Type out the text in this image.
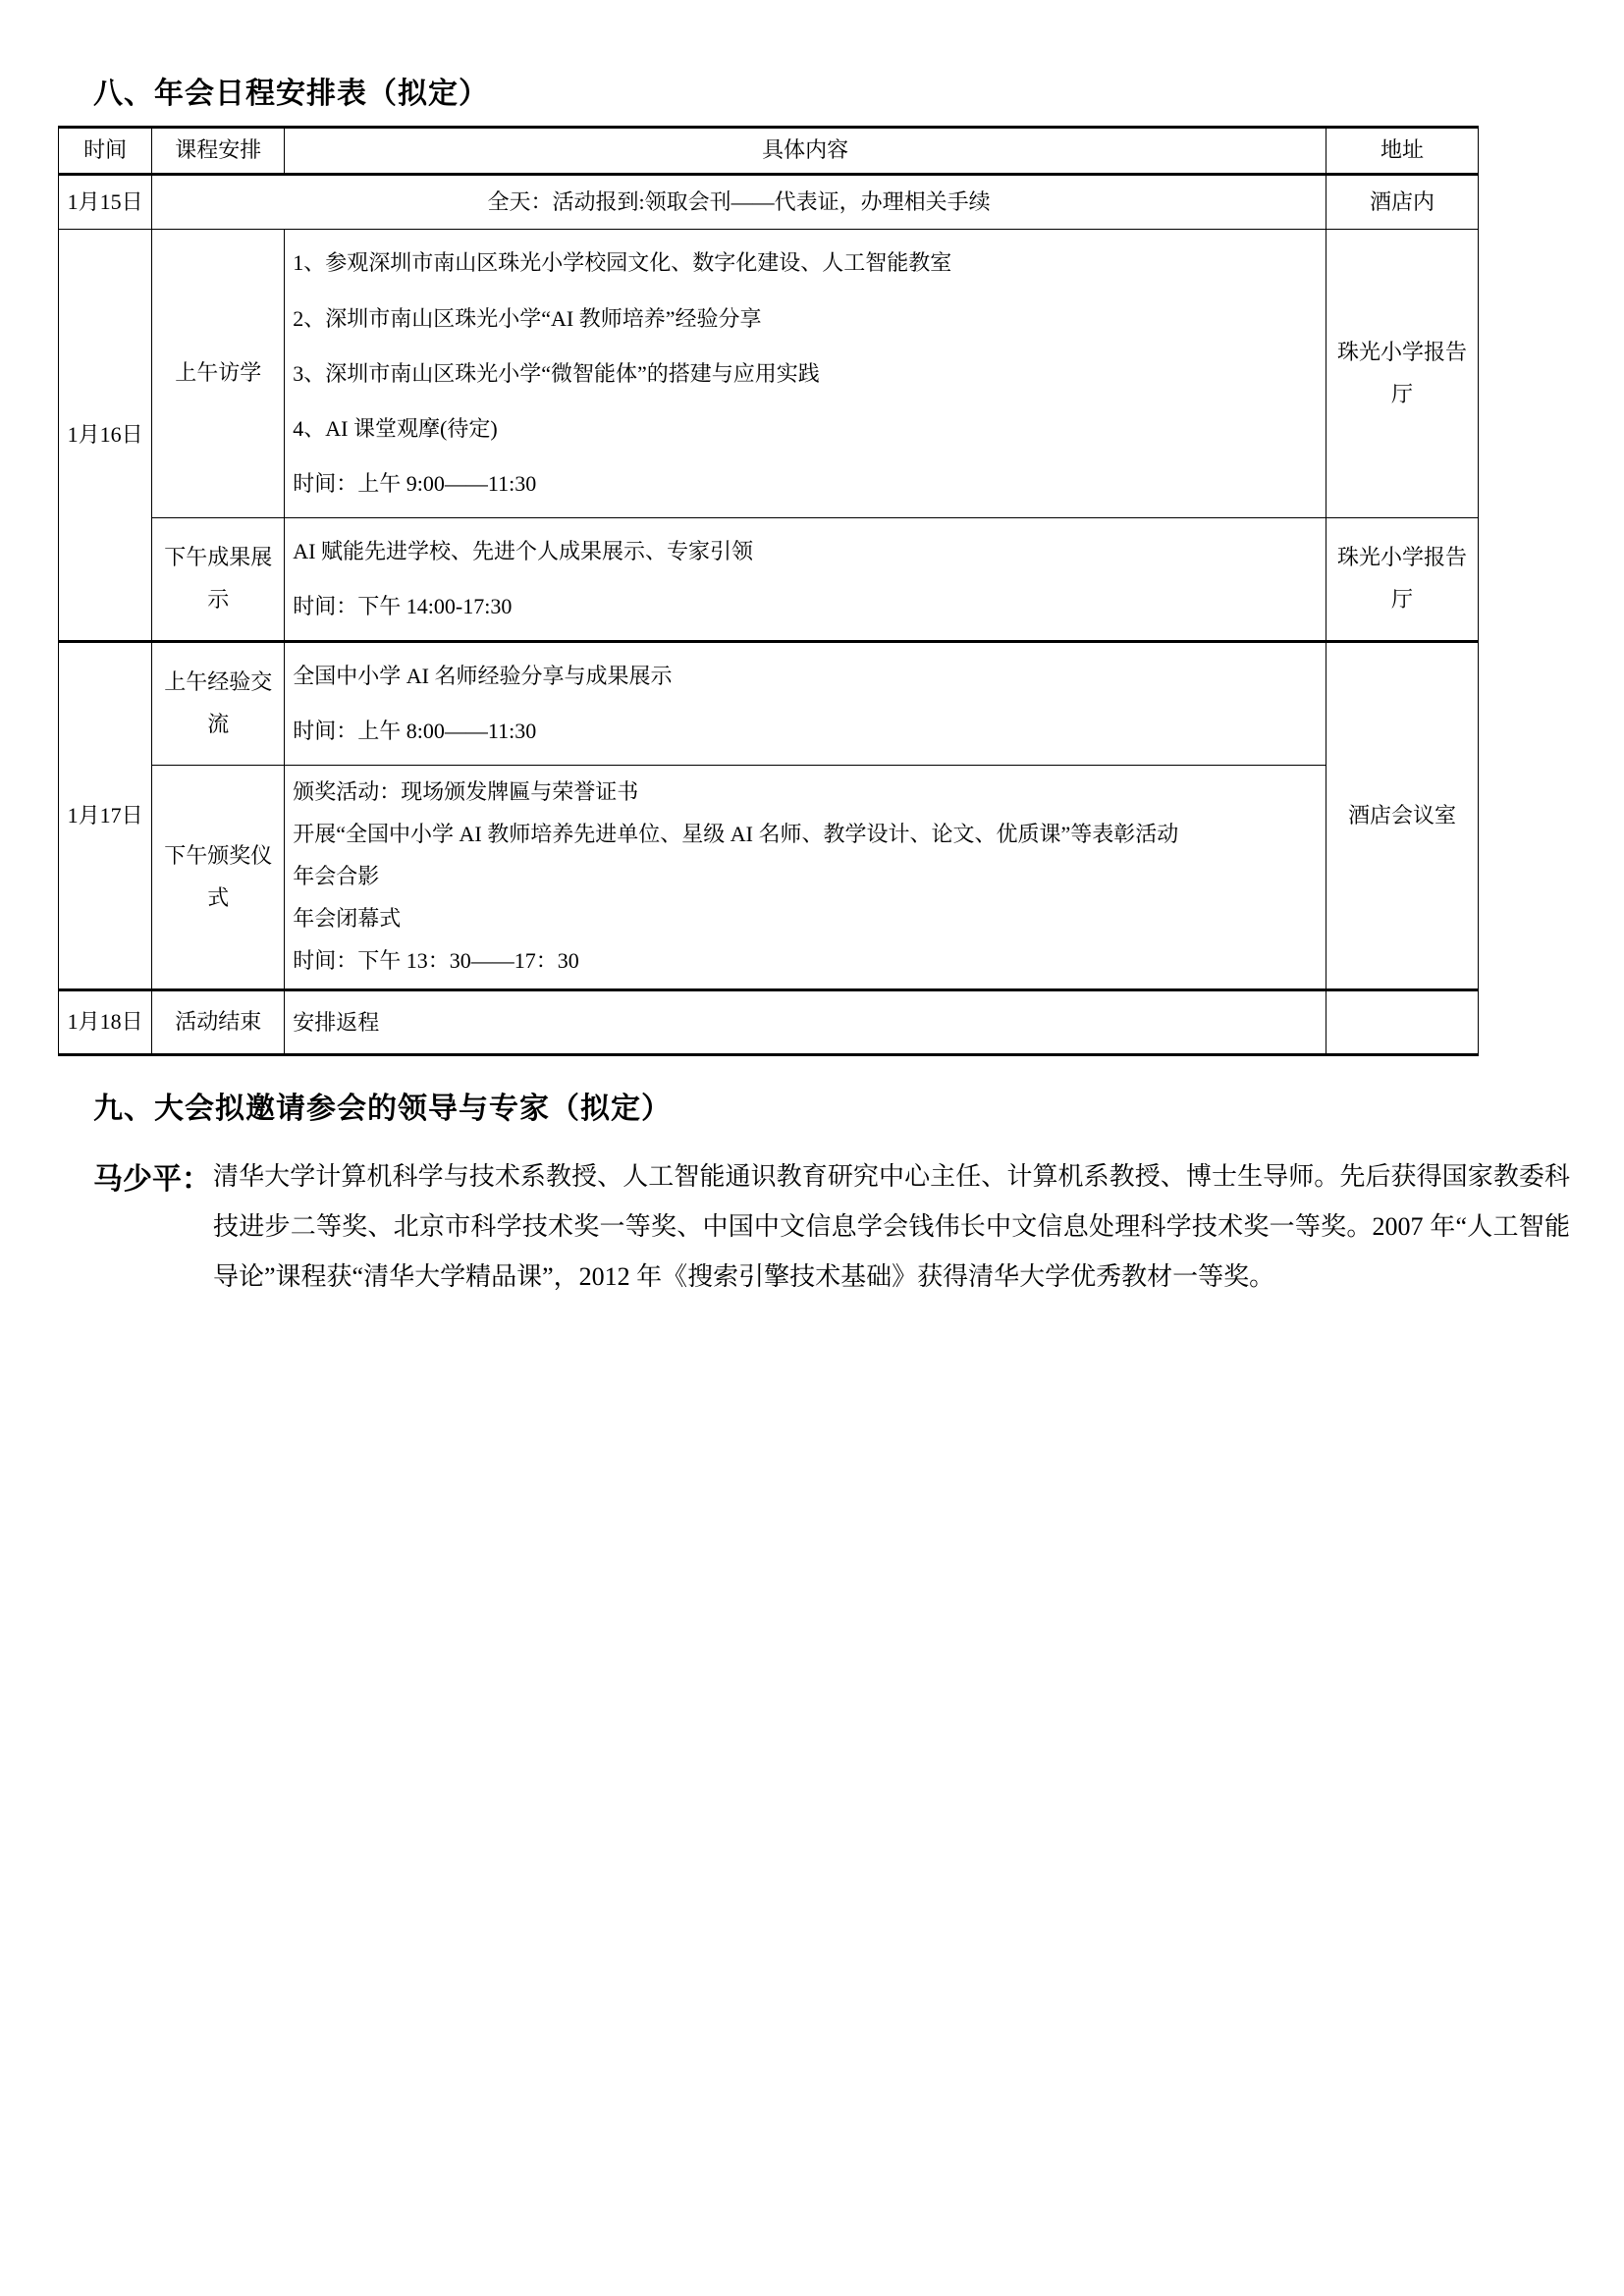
八、年会日程安排表（拟定）
时间	课程安排	具体内容	地址
1月15日	全天：活动报到:领取会刊——代表证，办理相关手续		酒店内
1月16日	上午访学	1、参观深圳市南山区珠光小学校园文化、数字化建设、人工智能教室

2、深圳市南山区珠光小学“AI 教师培养”经验分享

3、深圳市南山区珠光小学“微智能体”的搭建与应用实践

4、AI 课堂观摩(待定)

时间：上午 9:00——11:30	珠光小学报告厅
	下午成果展示	AI 赋能先进学校、先进个人成果展示、专家引领

时间：下午 14:00-17:30	珠光小学报告厅
1月17日	上午经验交流	全国中小学 AI 名师经验分享与成果展示

时间：上午 8:00——11:30	酒店会议室
	下午颁奖仪式	颁奖活动：现场颁发牌匾与荣誉证书

开展“全国中小学 AI 教师培养先进单位、星级 AI 名师、教学设计、论文、优质课”等表彰活动

年会合影

年会闭幕式

时间：下午 13：30——17：30	

1月18日	活动结束	安排返程	

九、大会拟邀请参会的领导与专家（拟定）
马少平： 清华大学计算机科学与技术系教授、人工智能通识教育研究中心主任、计算机系教授、博士生导师。先后获得国家教委科技进步二等奖、北京市科学技术奖一等奖、中国中文信息学会钱伟长中文信息处理科学技术奖一等奖。2007 年“人工智能导论”课程获“清华大学精品课”，2012 年《搜索引擎技术基础》获得清华大学优秀教材一等奖。
